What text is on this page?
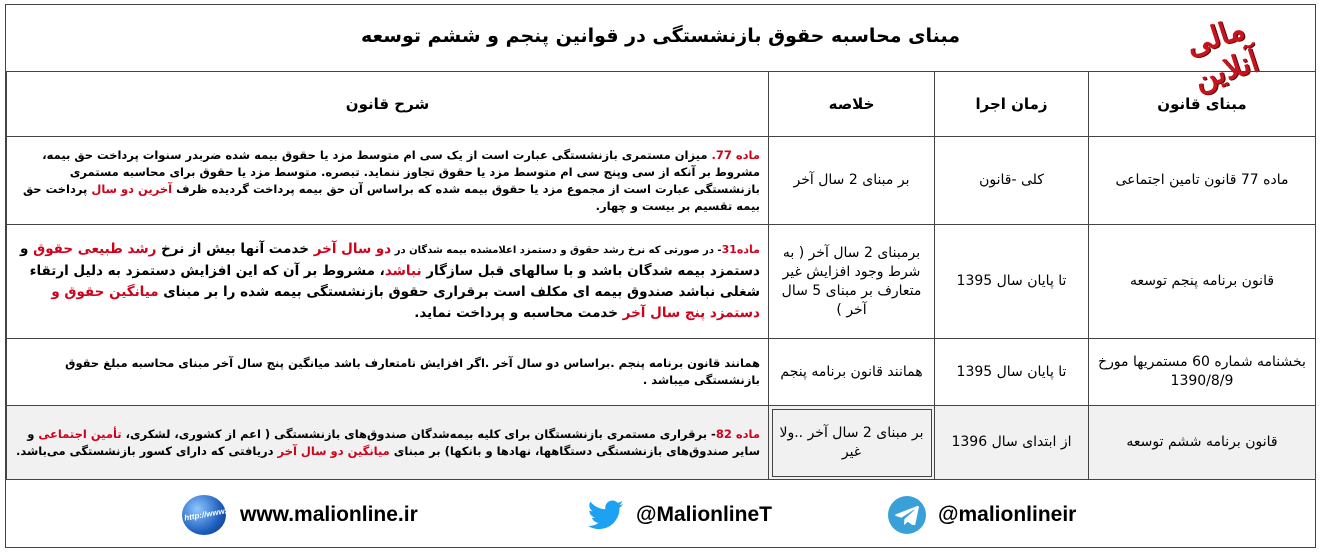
مبنای محاسبه حقوق بازنشستگی در قوانین پنجم و ششم توسعه	مالی آنلاین
مبنای قانون	زمان اجرا	خلاصه	شرح قانون
ماده 77 قانون تامین اجتماعی	کلی -قانون	بر مبنای 2 سال آخر	ماده 77. میزان مستمری بازنشستگی عبارت است از یک سی ام متوسط مزد یا حقوق بیمه شده ضربدر سنوات پرداخت حق بیمه، مشروط بر آنکه از سی وپنج سی ام متوسط مزد یا حقوق تجاوز ننماید. تبصره. متوسط مزد یا حقوق برای محاسبه مستمری بازنشستگی عبارت است از مجموع مزد یا حقوق بیمه شده که براساس آن حق بیمه پرداخت گردیده ظرف آخرین دو سال پرداخت حق بیمه تقسیم بر بیست و چهار.
قانون برنامه پنجم توسعه	تا پایان سال 1395	برمبنای 2 سال آخر ( به شرط وجود افزایش غیر متعارف بر مبنای 5 سال آخر )	ماده31- در صورتی که نرخ رشد حقوق و دستمزد اعلامشده بیمه شدگان در دو سال آخر خدمت آنها بیش از نرخ رشد طبیعی حقوق و دستمزد بیمه شدگان باشد و با سالهای قبل سازگار نباشد، مشروط بر آن که این افزایش دستمزد به دلیل ارتقاء شغلی نباشد صندوق بیمه ای مکلف است برقراری حقوق بازنشستگی بیمه شده را بر مبنای میانگین حقوق و دستمزد پنج سال آخر خدمت محاسبه و پرداخت نماید.
بخشنامه شماره 60 مستمریها مورخ 1390/8/9	تا پایان سال 1395	همانند قانون برنامه پنجم	همانند قانون برنامه پنجم .براساس دو سال آخر .اگر افزایش نامتعارف باشد میانگین پنج سال آخر مبنای محاسبه مبلغ حقوق بازنشستگی میباشد .
قانون برنامه ششم توسعه	از ابتدای سال 1396	بر مبنای 2 سال آخر ..ولا غیر	ماده 82- برقراری مستمری بازنشستگان برای کلیه بیمه‌شدگان صندوق‌های بازنشستگی ( اعم از کشوری، لشکری، تأمین اجتماعی و سایر صندوق‌های بازنشستگی دستگاهها، نهادها و بانکها) بر مبنای میانگین دو سال آخر دریافتی که دارای کسور بازنشستگی می‌باشد.
http://www. www.malionline.ir	@MalionlineT	@malionlineir
